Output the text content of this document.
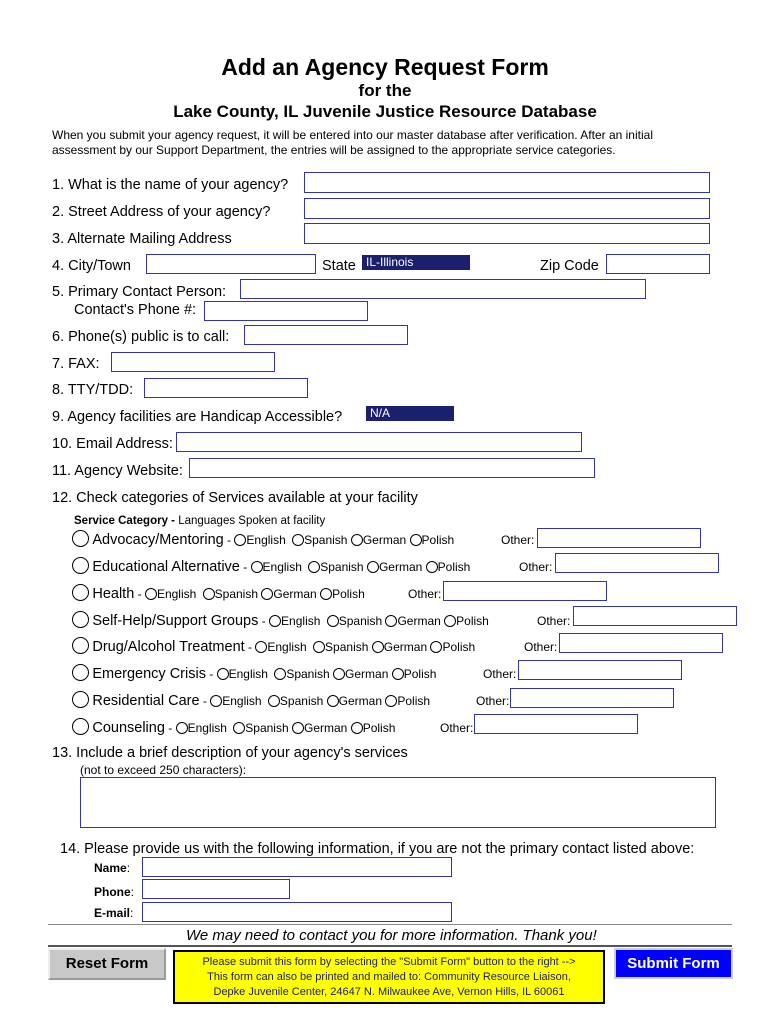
Add an Agency Request Form
for the
Lake County, IL Juvenile Justice Resource Database
When you submit your agency request, it will be entered into our master database after verification. After an initial
assessment by our Support Department, the entries will be assigned to the appropriate service categories.
1. What is the name of your agency?
2. Street Address of your agency?
3. Alternate Mailing Address
4. City/Town	State IL-Illinois	Zip Code
5. Primary Contact Person:
Contact's Phone #:
6. Phone(s) public is to call:
7. FAX:
8. TTY/TDD:
9. Agency facilities are Handicap Accessible?	N/A
10. Email Address:
11. Agency Website:
12. Check categories of Services available at your facility
Service Category - Languages Spoken at facility
Advocacy/Mentoring - English Spanish German Polish	Other:
Educational Alternative - English Spanish German Polish	Other:
Health - English Spanish German Polish	Other:
Self-Help/Support Groups - English Spanish German Polish	Other:
Drug/Alcohol Treatment - English Spanish German Polish	Other:
Emergency Crisis - English Spanish German Polish	Other:
Residential Care - English Spanish German Polish	Other:
Counseling - English Spanish German Polish	Other:
13. Include a brief description of your agency's services
(not to exceed 250 characters):
14. Please provide us with the following information, if you are not the primary contact listed above:
Name:
Phone:
E-mail:
We may need to contact you for more information. Thank you!
Reset Form	Please submit this form by selecting the "Submit Form" button to the right -->
This form can also be printed and mailed to: Community Resource Liaison,
Depke Juvenile Center, 24647 N. Milwaukee Ave, Vernon Hills, IL 60061
Submit Form
